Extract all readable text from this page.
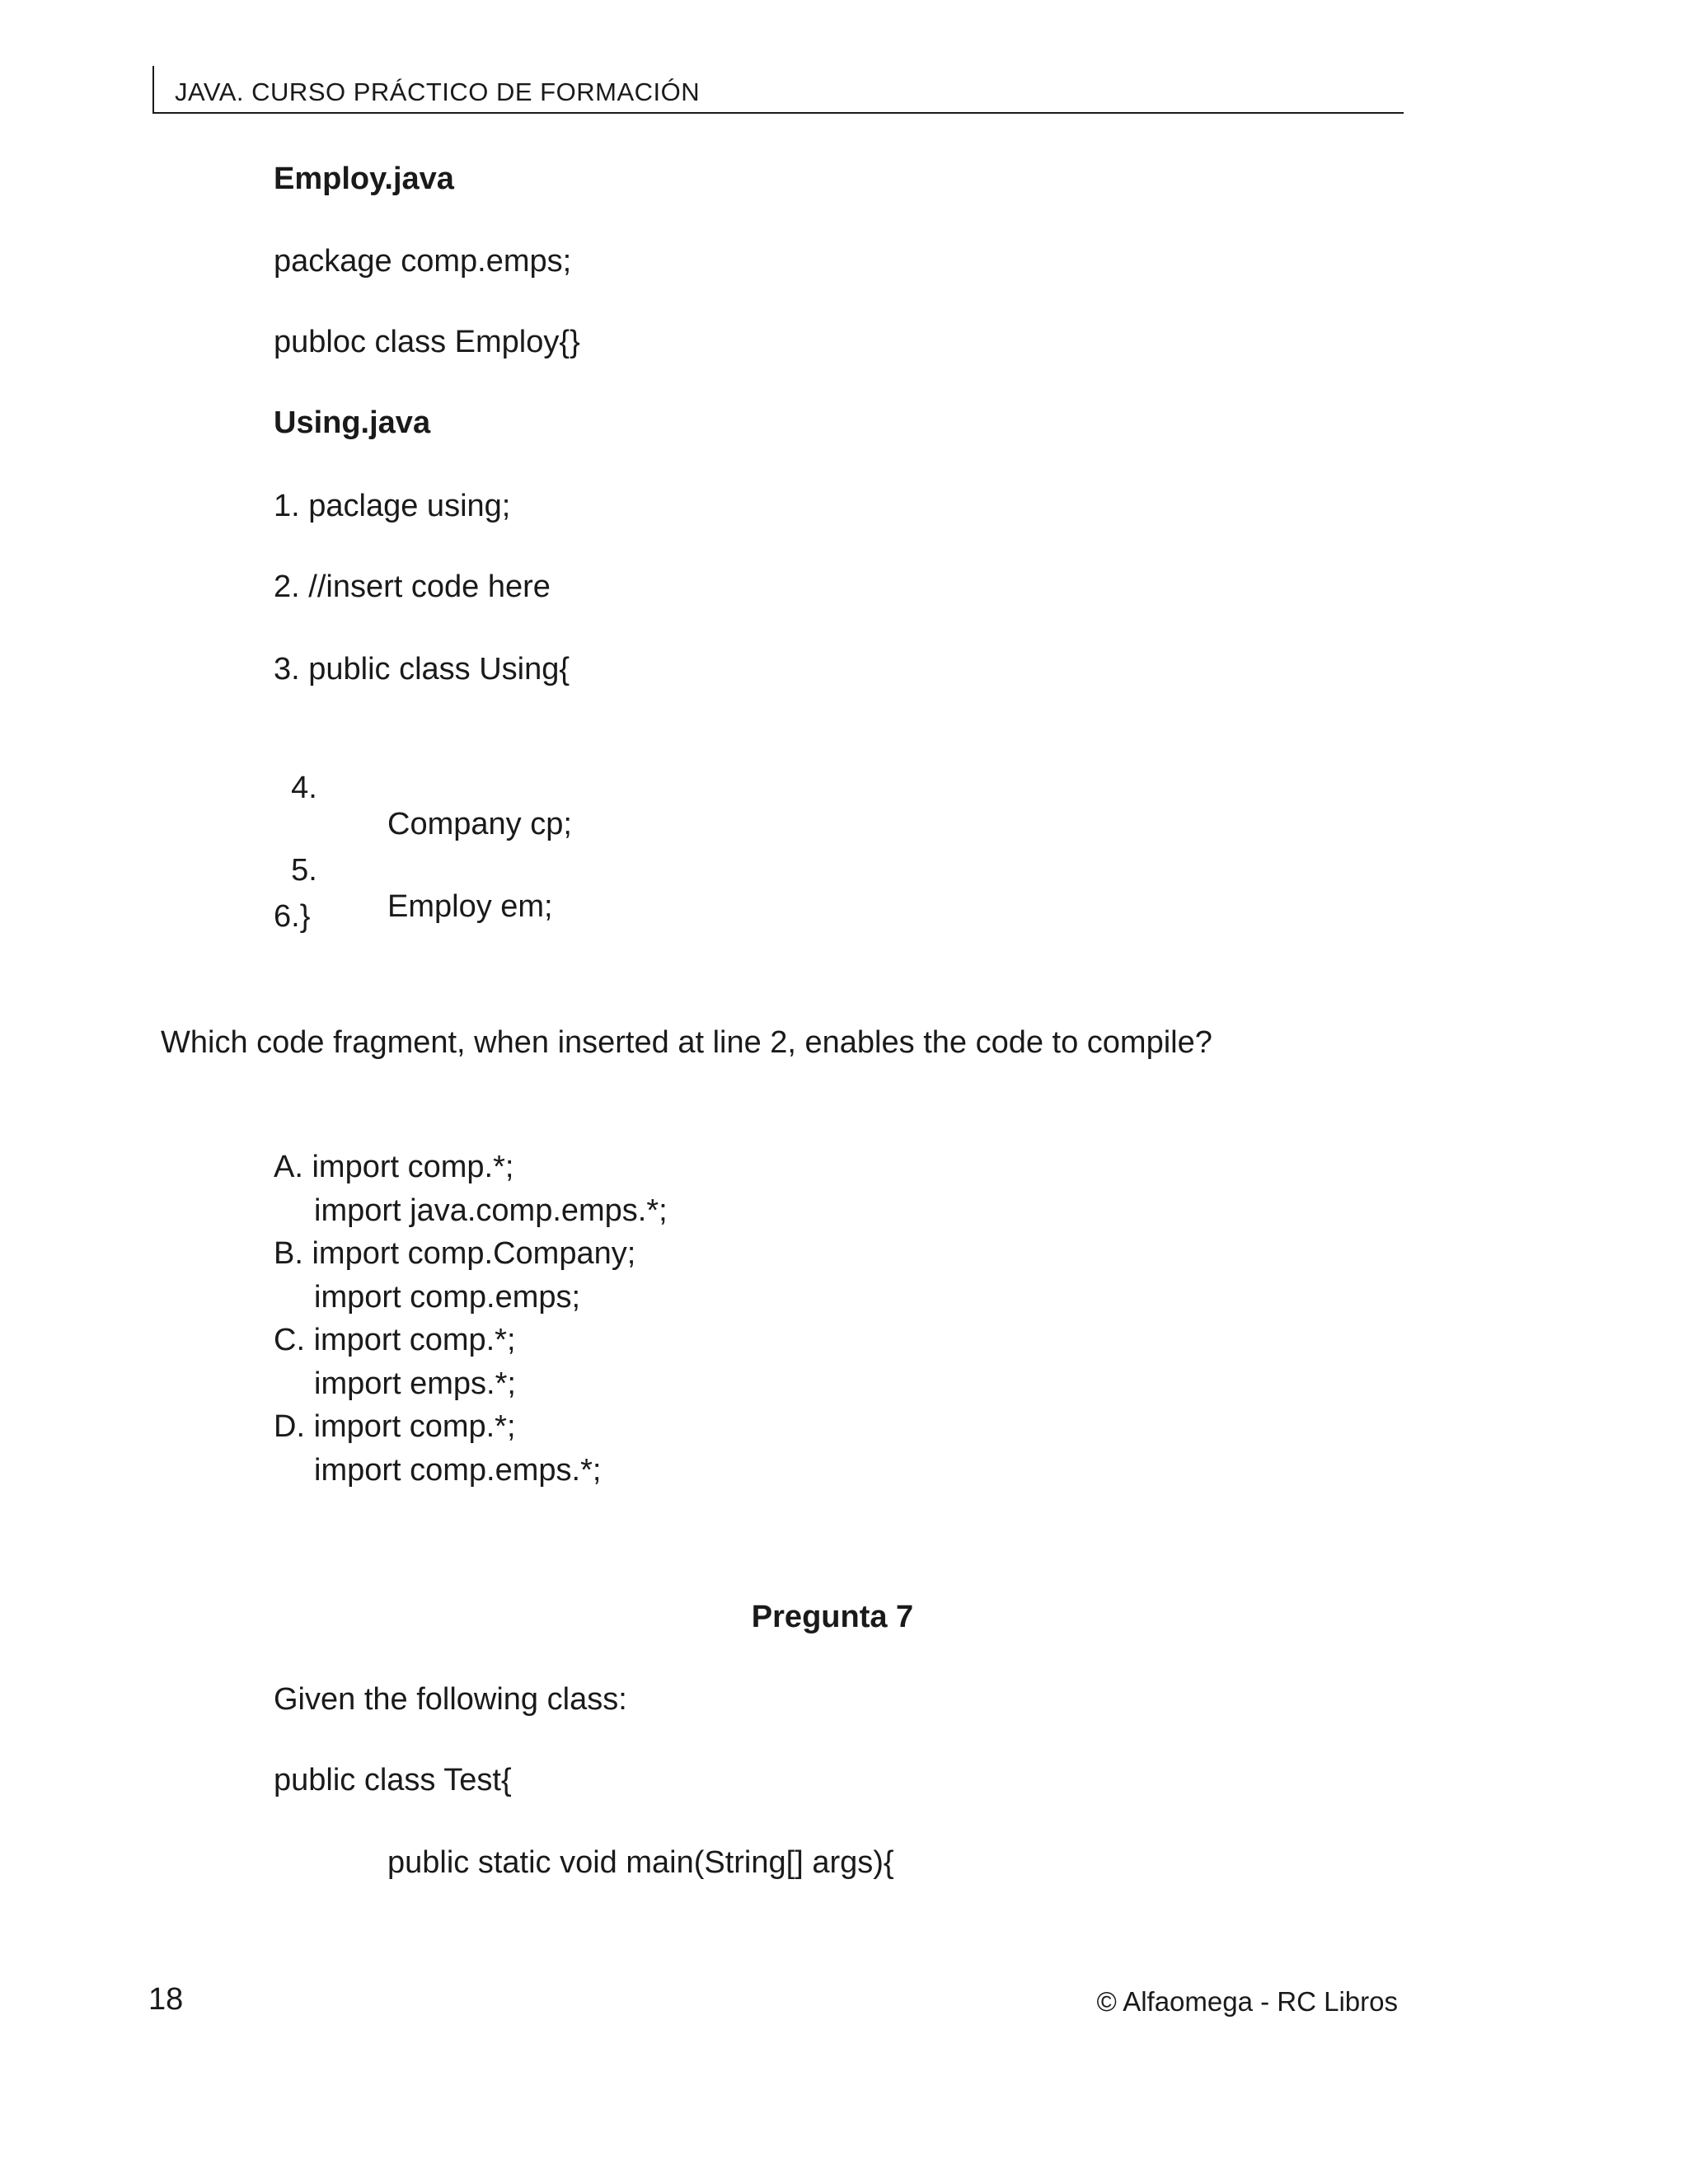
JAVA. CURSO PRÁCTICO DE FORMACIÓN
Employ.java
package comp.emps;
publoc class Employ{}
Using.java
1. paclage using;
2. //insert code here
3. public class Using{

4.

Company cp;

5.

Employ em;

6.}
Which code fragment, when inserted at line 2, enables the code to compile?
A. import comp.*;
import java.comp.emps.*;
B. import comp.Company;
import comp.emps;
C. import comp.*;
import emps.*;
D. import comp.*;
import comp.emps.*;
Pregunta 7
Given the following class:
public class Test{
public static void main(String[] args){
18	© Alfaomega - RC Libros
